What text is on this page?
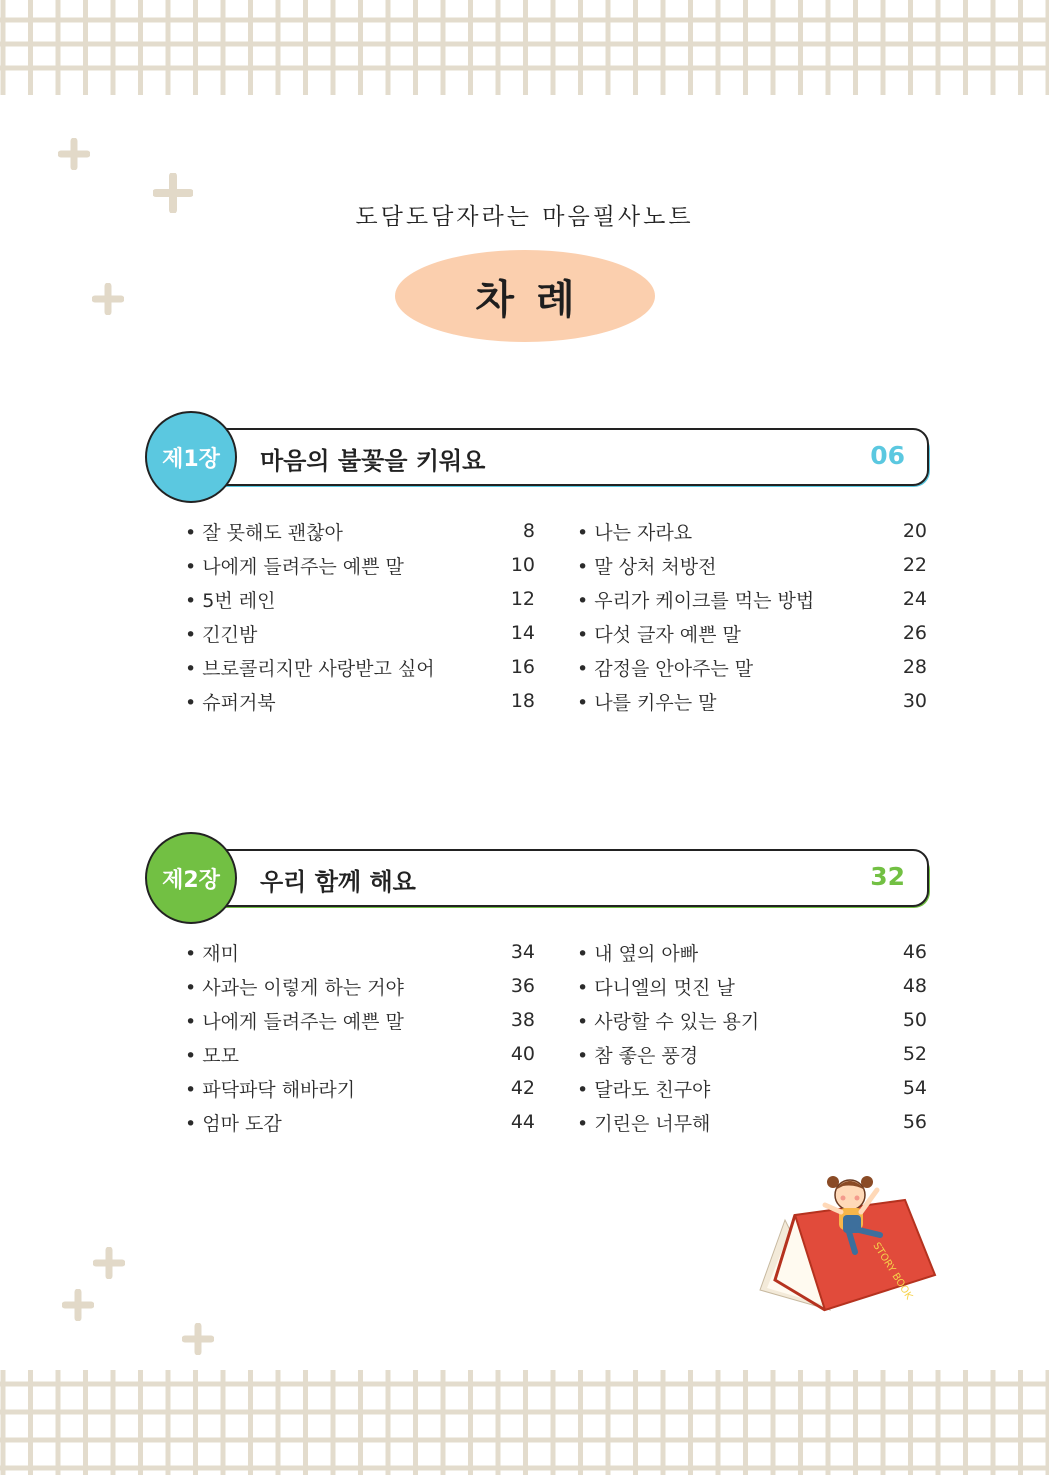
도담도담자라는 마음필사노트
차례
제1장	마음의 불꽃을 키워요	06
• 잘 못해도 괜찮아	8
• 나에게 들려주는 예쁜 말	10
• 5번 레인	12
• 긴긴밤	14
• 브로콜리지만 사랑받고 싶어	16
• 슈퍼거북	18
• 나는 자라요	20
• 말 상처 처방전	22
• 우리가 케이크를 먹는 방법	24
• 다섯 글자 예쁜 말	26
• 감정을 안아주는 말	28
• 나를 키우는 말	30
제2장	우리 함께 해요	32
• 재미	34
• 사과는 이렇게 하는 거야	36
• 나에게 들려주는 예쁜 말	38
• 모모	40
• 파닥파닥 해바라기	42
• 엄마 도감	44
• 내 옆의 아빠	46
• 다니엘의 멋진 날	48
• 사랑할 수 있는 용기	50
• 참 좋은 풍경	52
• 달라도 친구야	54
• 기린은 너무해	56
STORY BOOK
